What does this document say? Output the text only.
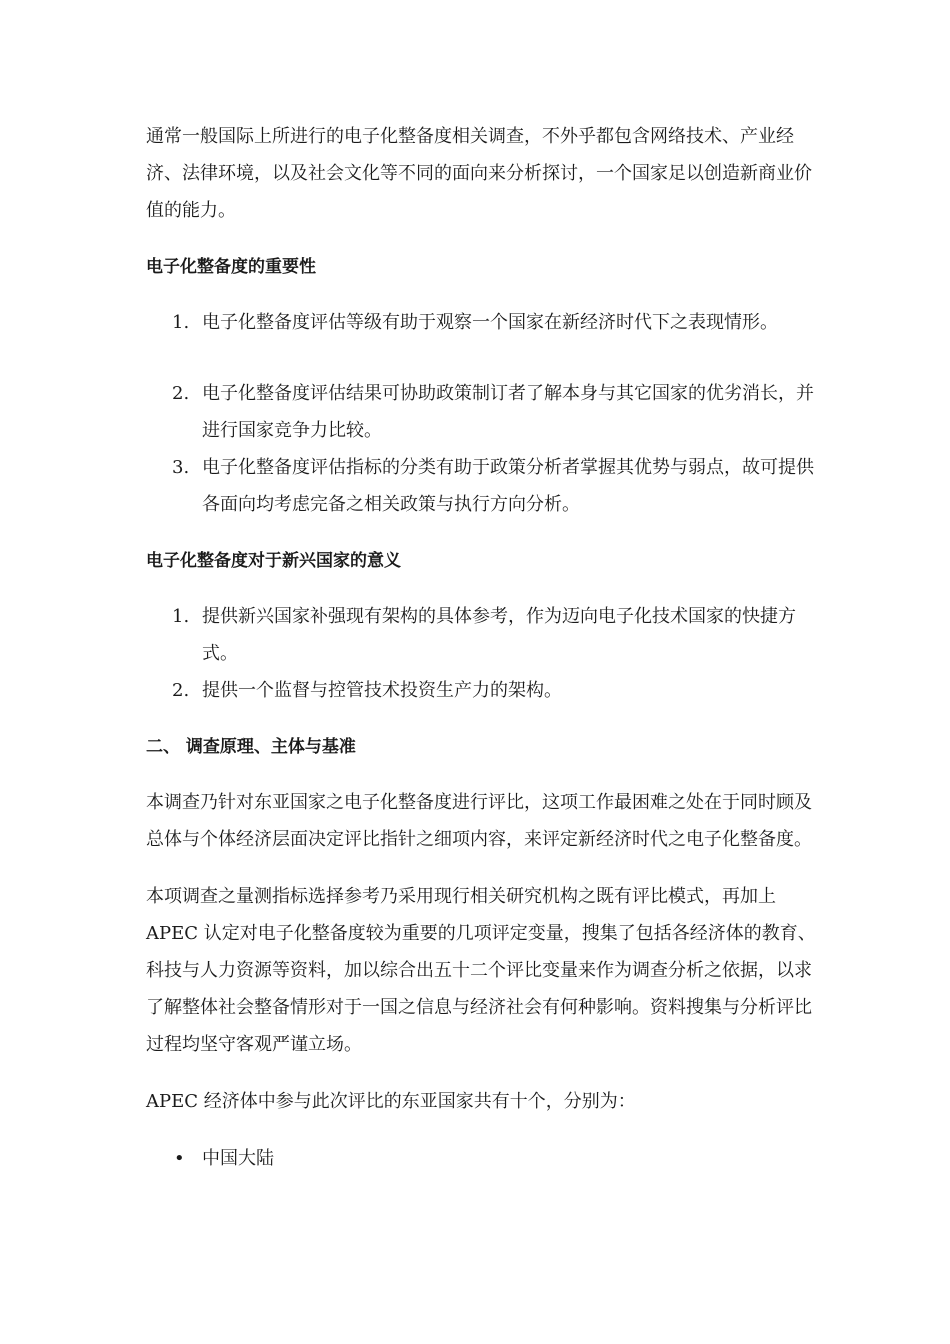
通常一般国际上所进行的电子化整备度相关调查，不外乎都包含网络技术、产业经济、法律环境，以及社会文化等不同的面向来分析探讨，一个国家足以创造新商业价值的能力。

电子化整备度的重要性
1. 电子化整备度评估等级有助于观察一个国家在新经济时代下之表现情形。
2. 电子化整备度评估结果可协助政策制订者了解本身与其它国家的优劣消长，并进行国家竞争力比较。
3. 电子化整备度评估指标的分类有助于政策分析者掌握其优势与弱点，故可提供各面向均考虑完备之相关政策与执行方向分析。
电子化整备度对于新兴国家的意义
1. 提供新兴国家补强现有架构的具体参考，作为迈向电子化技术国家的快捷方式。
2. 提供一个监督与控管技术投资生产力的架构。
二、 调查原理、主体与基准

本调查乃针对东亚国家之电子化整备度进行评比，这项工作最困难之处在于同时顾及总体与个体经济层面决定评比指针之细项内容，来评定新经济时代之电子化整备度。

本项调查之量测指标选择参考乃采用现行相关研究机构之既有评比模式，再加上 APEC 认定对电子化整备度较为重要的几项评定变量，搜集了包括各经济体的教育、科技与人力资源等资料，加以综合出五十二个评比变量来作为调查分析之依据，以求了解整体社会整备情形对于一国之信息与经济社会有何种影响。资料搜集与分析评比过程均坚守客观严谨立场。

APEC 经济体中参与此次评比的东亚国家共有十个，分别为：

• 中国大陆
